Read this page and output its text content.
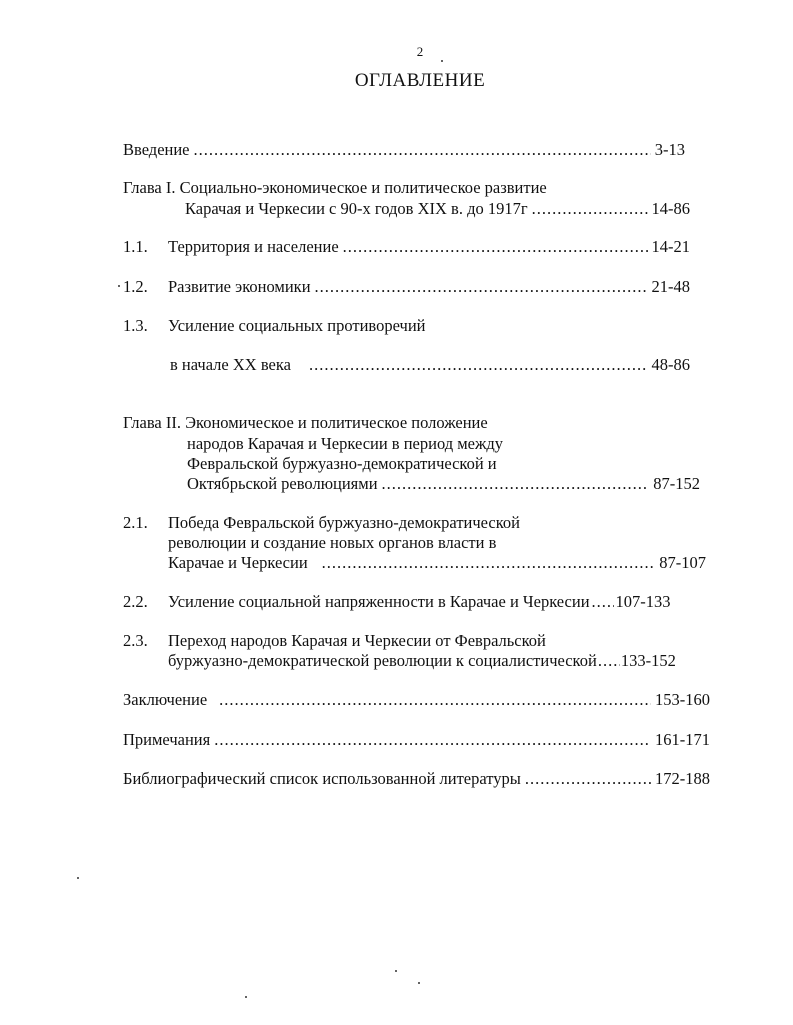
2
ОГЛАВЛЕНИЕ
Введение .....	3-13
Глава I. Социально-экономическое и политическое развитие
Карачая и Черкесии с 90-х годов XIX в. до 1917г .....	14-86
1.1. Территория и население .....	14-21
1.2. Развитие экономики .....	21-48
1.3. Усиление социальных противоречий
в начале XX века .....	48-86
Глава II. Экономическое и политическое положение
народов Карачая и Черкесии в период между
Февральской буржуазно-демократической и
Октябрьской революциями .....	87-152
2.1. Победа Февральской буржуазно-демократической
революции и создание новых органов власти в
Карачае и Черкесии .....	87-107
2.2. Усиление социальной напряженности в Карачае и Черкесии ..... 107-133
2.3. Переход народов Карачая и Черкесии от Февральской
буржуазно-демократической революции к социалистической ..... 133-152
Заключение .....	153-160
Примечания .....	161-171
Библиографический список использованной литературы .....	172-188
